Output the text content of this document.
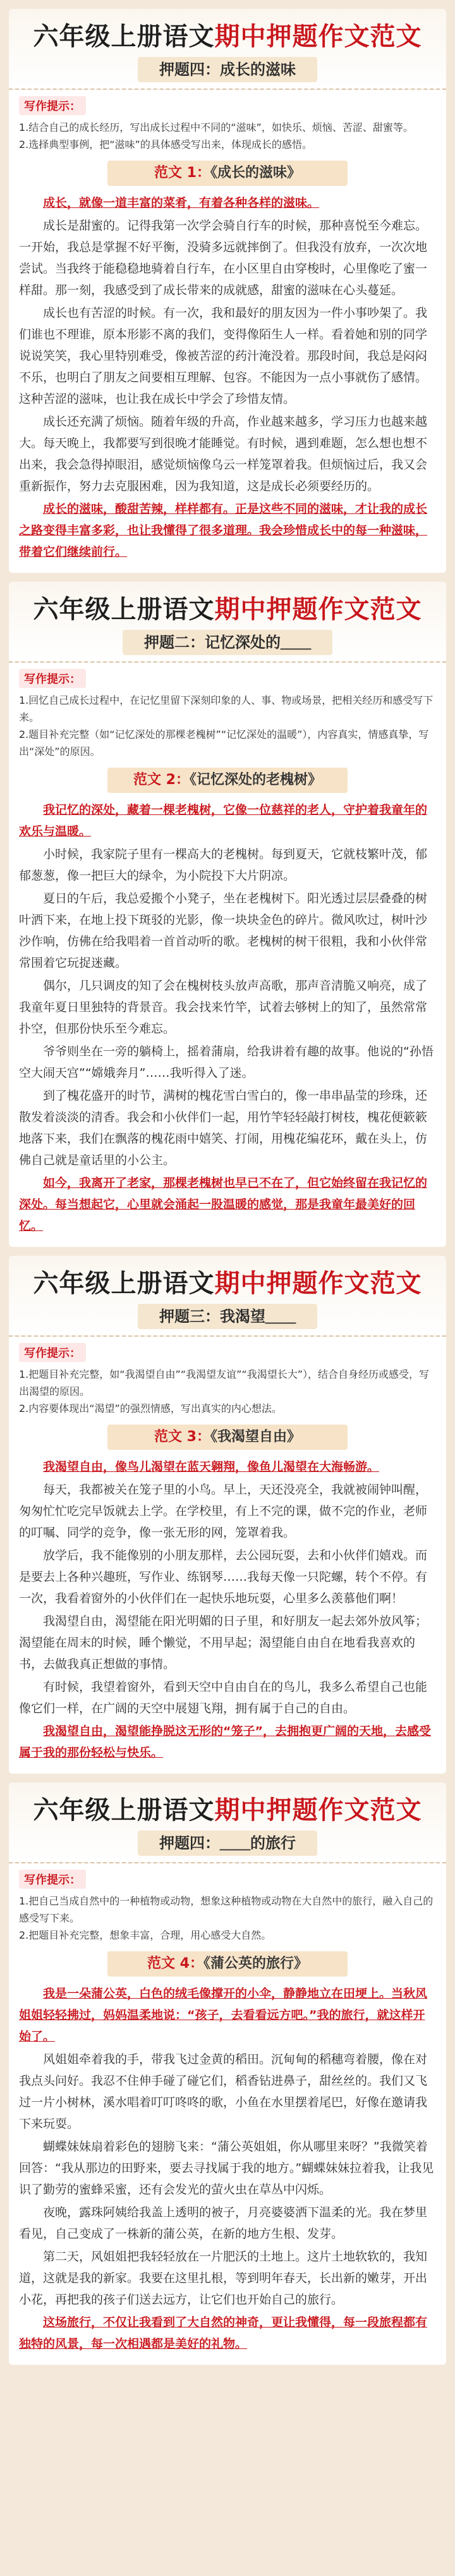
六年级上册语文期中押题作文范文
押题四：成长的滋味
写作提示：
1.结合自己的成长经历，写出成长过程中不同的“滋味”，如快乐、烦恼、苦涩、甜蜜等。
2.选择典型事例，把“滋味”的具体感受写出来，体现成长的感悟。
范文 1：《成长的滋味》
成长，就像一道丰富的菜肴，有着各种各样的滋味。
成长是甜蜜的。记得我第一次学会骑自行车的时候，那种喜悦至今难忘。一开始，我总是掌握不好平衡，没骑多远就摔倒了。但我没有放弃，一次次地尝试。当我终于能稳稳地骑着自行车，在小区里自由穿梭时，心里像吃了蜜一样甜。那一刻，我感受到了成长带来的成就感，甜蜜的滋味在心头蔓延。
成长也有苦涩的时候。有一次，我和最好的朋友因为一件小事吵架了。我们谁也不理谁，原本形影不离的我们，变得像陌生人一样。看着她和别的同学说说笑笑，我心里特别难受，像被苦涩的药汁淹没着。那段时间，我总是闷闷不乐，也明白了朋友之间要相互理解、包容。不能因为一点小事就伤了感情。这种苦涩的滋味，也让我在成长中学会了珍惜友情。
成长还充满了烦恼。随着年级的升高，作业越来越多，学习压力也越来越大。每天晚上，我都要写到很晚才能睡觉。有时候，遇到难题，怎么想也想不出来，我会急得掉眼泪，感觉烦恼像乌云一样笼罩着我。但烦恼过后，我又会重新振作，努力去克服困难，因为我知道，这是成长必须要经历的。
成长的滋味，酸甜苦辣，样样都有。正是这些不同的滋味，才让我的成长之路变得丰富多彩，也让我懂得了很多道理。我会珍惜成长中的每一种滋味，带着它们继续前行。
六年级上册语文期中押题作文范文
押题二：记忆深处的＿＿
写作提示：
1.回忆自己成长过程中，在记忆里留下深刻印象的人、事、物或场景，把相关经历和感受写下来。
2.题目补充完整（如“记忆深处的那棵老槐树”“记忆深处的温暖”），内容真实，情感真挚，写出“深处”的原因。
范文 2：《记忆深处的老槐树》
我记忆的深处，藏着一棵老槐树，它像一位慈祥的老人，守护着我童年的欢乐与温暖。
小时候，我家院子里有一棵高大的老槐树。每到夏天，它就枝繁叶茂，郁郁葱葱，像一把巨大的绿伞，为小院投下大片阴凉。
夏日的午后，我总爱搬个小凳子，坐在老槐树下。阳光透过层层叠叠的树叶洒下来，在地上投下斑驳的光影，像一块块金色的碎片。微风吹过，树叶沙沙作响，仿佛在给我唱着一首首动听的歌。老槐树的树干很粗，我和小伙伴常常围着它玩捉迷藏。
偶尔，几只调皮的知了会在槐树枝头放声高歌，那声音清脆又响亮，成了我童年夏日里独特的背景音。我会找来竹竿，试着去够树上的知了，虽然常常扑空，但那份快乐至今难忘。
爷爷则坐在一旁的躺椅上，摇着蒲扇，给我讲着有趣的故事。他说的“孙悟空大闹天宫”“嫦娥奔月”……我听得入了迷。
到了槐花盛开的时节，满树的槐花雪白雪白的，像一串串晶莹的珍珠，还散发着淡淡的清香。我会和小伙伴们一起，用竹竿轻轻敲打树枝，槐花便簌簌地落下来，我们在飘落的槐花雨中嬉笑、打闹，用槐花编花环，戴在头上，仿佛自己就是童话里的小公主。
如今，我离开了老家，那棵老槐树也早已不在了，但它始终留在我记忆的深处。每当想起它，心里就会涌起一股温暖的感觉，那是我童年最美好的回忆。
六年级上册语文期中押题作文范文
押题三：我渴望＿＿
写作提示：
1.把题目补充完整，如“我渴望自由”“我渴望友谊”“我渴望长大”），结合自身经历或感受，写出渴望的原因。
2.内容要体现出“渴望”的强烈情感，写出真实的内心想法。
范文 3：《我渴望自由》
我渴望自由，像鸟儿渴望在蓝天翱翔，像鱼儿渴望在大海畅游。
每天，我都被关在笼子里的小鸟。早上，天还没亮全，我就被闹钟叫醒，匆匆忙忙吃完早饭就去上学。在学校里，有上不完的课，做不完的作业，老师的叮嘱、同学的竞争，像一张无形的网，笼罩着我。
放学后，我不能像别的小朋友那样，去公园玩耍，去和小伙伴们嬉戏。而是要去上各种兴趣班，写作业、练钢琴……我每天像一只陀螺，转个不停。有一次，我看着窗外的小伙伴们在一起快乐地玩耍，心里多么羡慕他们啊！
我渴望自由，渴望能在阳光明媚的日子里，和好朋友一起去郊外放风筝；渴望能在周末的时候，睡个懒觉，不用早起；渴望能自由自在地看我喜欢的书，去做我真正想做的事情。
有时候，我望着窗外，看到天空中自由自在的鸟儿，我多么希望自己也能像它们一样，在广阔的天空中展翅飞翔，拥有属于自己的自由。
我渴望自由，渴望能挣脱这无形的“笼子”，去拥抱更广阔的天地，去感受属于我的那份轻松与快乐。
六年级上册语文期中押题作文范文
押题四：＿＿的旅行
写作提示：
1.把自己当成自然中的一种植物或动物，想象这种植物或动物在大自然中的旅行，融入自己的感受写下来。
2.把题目补充完整，想象丰富，合理，用心感受大自然。
范文 4：《蒲公英的旅行》
我是一朵蒲公英，白色的绒毛像撑开的小伞，静静地立在田埂上。当秋风姐姐轻轻拂过，妈妈温柔地说：“孩子，去看看远方吧。”我的旅行，就这样开始了。
风姐姐牵着我的手，带我飞过金黄的稻田。沉甸甸的稻穗弯着腰，像在对我点头问好。我忍不住伸手碰了碰它们，稻香钻进鼻子，甜丝丝的。我们又飞过一片小树林，溪水唱着叮叮咚咚的歌，小鱼在水里摆着尾巴，好像在邀请我下来玩耍。
蝴蝶妹妹扇着彩色的翅膀飞来：“蒲公英姐姐，你从哪里来呀？”我微笑着回答：“我从那边的田野来，要去寻找属于我的地方。”蝴蝶妹妹拉着我，让我见识了勤劳的蜜蜂采蜜，还有会发光的萤火虫在草丛中闪烁。
夜晚，露珠阿姨给我盖上透明的被子，月亮婆婆洒下温柔的光。我在梦里看见，自己变成了一株新的蒲公英，在新的地方生根、发芽。
第二天，风姐姐把我轻轻放在一片肥沃的土地上。这片土地软软的，我知道，这就是我的新家。我要在这里扎根，等到明年春天，长出新的嫩芽，开出小花，再把我的孩子们送去远方，让它们也开始自己的旅行。
这场旅行，不仅让我看到了大自然的神奇，更让我懂得，每一段旅程都有独特的风景，每一次相遇都是美好的礼物。
